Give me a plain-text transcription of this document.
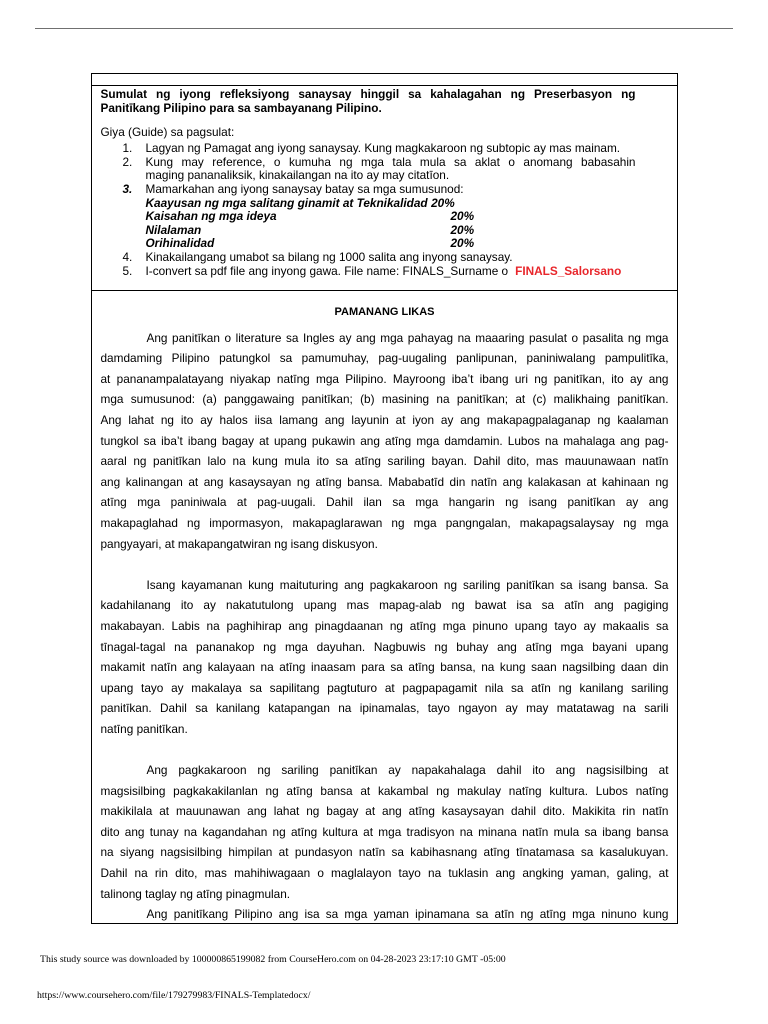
Sumulat ng iyong refleksiyong sanaysay hinggil sa kahalagahan ng Preserbasyon ng
Panitīkang Pilipino para sa sambayanang Pilipino.
Giya (Guide) sa pagsulat:
1.	Lagyan ng Pamagat ang iyong sanaysay. Kung magkakaroon ng subtopic ay mas mainam.
2.	Kung may reference, o kumuha ng mga tala mula sa aklat o anomang babasahin
maging pananaliksik, kinakailangan na ito ay may citatīon.
3.	Mamarkahan ang iyong sanaysay batay sa mga sumusunod:
Kaayusan ng mga salitang ginamit at Teknikalidad 20%
Kaisahan ng mga ideya	20%
Nilalaman	20%
Orihinalidad	20%
4.	Kinakailangang umabot sa bilang ng 1000 salita ang inyong sanaysay.
5.	I-convert sa pdf file ang inyong gawa. File name: FINALS_Surname o FINALS_Salorsano
PAMANANG LIKAS
Ang panitīkan o literature sa Ingles ay ang mga pahayag na maaaring pasulat o pasalita ng mga
damdaming Pilipino patungkol sa pamumuhay, pag-uugaling panlipunan, paniniwalang pampulitīka,
at pananampalatayang niyakap natīng mga Pilipino. Mayroong iba’t ibang uri ng panitīkan, ito ay ang
mga sumusunod: (a) panggawaing panitīkan; (b) masining na panitīkan; at (c) malikhaing panitīkan.
Ang lahat ng ito ay halos iisa lamang ang layunin at iyon ay ang makapagpalaganap ng kaalaman
tungkol sa iba’t ibang bagay at upang pukawin ang atīng mga damdamin. Lubos na mahalaga ang pag-
aaral ng panitīkan lalo na kung mula ito sa atīng sariling bayan. Dahil dito, mas mauunawaan natīn
ang kalinangan at ang kasaysayan ng atīng bansa. Mababatīd din natīn ang kalakasan at kahinaan ng
atīng mga paniniwala at pag-uugali. Dahil ilan sa mga hangarin ng isang panitīkan ay ang
makapaglahad ng impormasyon, makapaglarawan ng mga pangngalan, makapagsalaysay ng mga
pangyayari, at makapangatwiran ng isang diskusyon.
Isang kayamanan kung maituturing ang pagkakaroon ng sariling panitīkan sa isang bansa. Sa
kadahilanang ito ay nakatutulong upang mas mapag-alab ng bawat isa sa atīn ang pagiging
makabayan. Labis na paghihirap ang pinagdaanan ng atīng mga pinuno upang tayo ay makaalis sa
tīnagal-tagal na pananakop ng mga dayuhan. Nagbuwis ng buhay ang atīng mga bayani upang
makamit natīn ang kalayaan na atīng inaasam para sa atīng bansa, na kung saan nagsilbing daan din
upang tayo ay makalaya sa sapilitang pagtuturo at pagpapagamit nila sa atīn ng kanilang sariling
panitīkan. Dahil sa kanilang katapangan na ipinamalas, tayo ngayon ay may matatawag na sarili
natīng panitīkan.
Ang pagkakaroon ng sariling panitīkan ay napakahalaga dahil ito ang nagsisilbing at
magsisilbing pagkakakilanlan ng atīng bansa at kakambal ng makulay natīng kultura. Lubos natīng
makikilala at mauunawan ang lahat ng bagay at ang atīng kasaysayan dahil dito. Makikita rin natīn
dito ang tunay na kagandahan ng atīng kultura at mga tradisyon na minana natīn mula sa ibang bansa
na siyang nagsisilbing himpilan at pundasyon natīn sa kabihasnang atīng tīnatamasa sa kasalukuyan.
Dahil na rin dito, mas mahihiwagaan o maglalayon tayo na tuklasin ang angking yaman, galing, at
talinong taglay ng atīng pinagmulan.
Ang panitīkang Pilipino ang isa sa mga yaman ipinamana sa atīn ng atīng mga ninuno kung
This study source was downloaded by 100000865199082 from CourseHero.com on 04-28-2023 23:17:10 GMT -05:00
https://www.coursehero.com/file/179279983/FINALS-Templatedocx/
